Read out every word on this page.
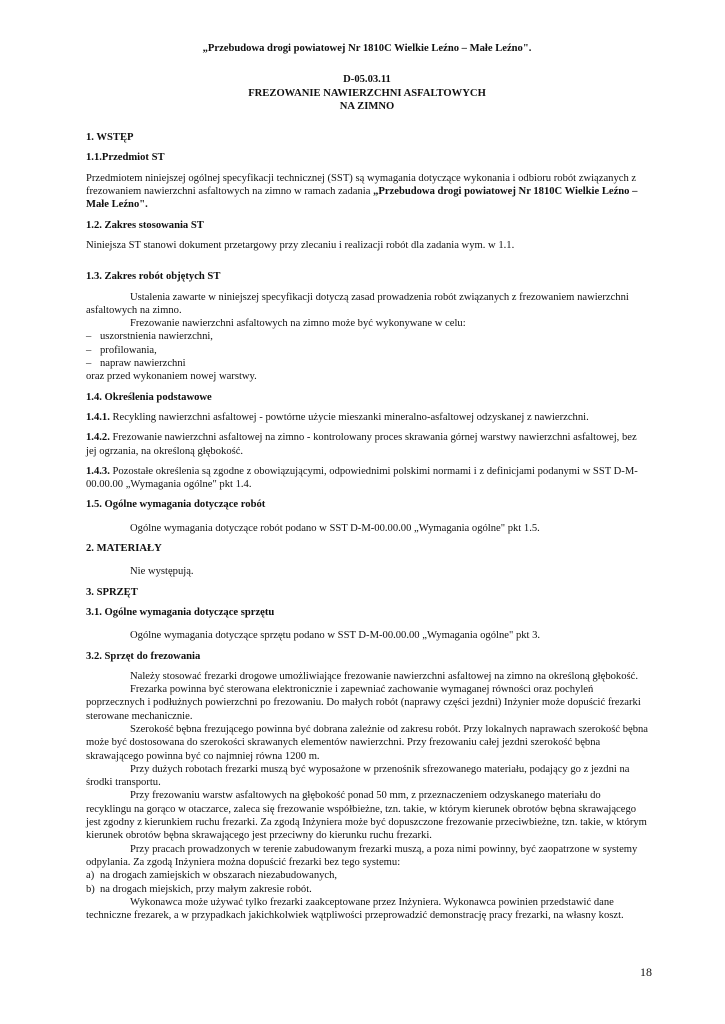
„Przebudowa drogi powiatowej Nr 1810C Wielkie Leźno – Małe Leźno".

D-05.03.11

FREZOWANIE NAWIERZCHNI ASFALTOWYCH

NA ZIMNO

1. WSTĘP

1.1.Przedmiot ST

Przedmiotem niniejszej ogólnej specyfikacji technicznej (SST) są wymagania dotyczące wykonania i odbioru robót związanych z frezowaniem nawierzchni asfaltowych na zimno w ramach zadania „Przebudowa drogi powiatowej Nr 1810C Wielkie Leźno – Małe Leźno".

1.2. Zakres stosowania ST

Niniejsza ST stanowi dokument przetargowy przy zlecaniu i realizacji robót dla zadania wym. w 1.1.

1.3. Zakres robót objętych ST

Ustalenia zawarte w niniejszej specyfikacji dotyczą zasad prowadzenia robót związanych z frezowaniem nawierzchni asfaltowych na zimno.

Frezowanie nawierzchni asfaltowych na zimno może być wykonywane w celu:

– uszorstnienia nawierzchni,
– profilowania,
– napraw nawierzchni

oraz przed wykonaniem nowej warstwy.

1.4. Określenia podstawowe

1.4.1. Recykling nawierzchni asfaltowej - powtórne użycie mieszanki mineralno-asfaltowej odzyskanej z nawierzchni.

1.4.2. Frezowanie nawierzchni asfaltowej na zimno - kontrolowany proces skrawania górnej warstwy nawierzchni asfaltowej, bez jej ogrzania, na określoną głębokość.

1.4.3. Pozostałe określenia są zgodne z obowiązującymi, odpowiednimi polskimi normami i z definicjami podanymi w SST D-M-00.00.00 „Wymagania ogólne" pkt 1.4.

1.5. Ogólne wymagania dotyczące robót

Ogólne wymagania dotyczące robót podano w SST D-M-00.00.00 „Wymagania ogólne" pkt 1.5.

2. MATERIAŁY

Nie występują.

3. SPRZĘT

3.1. Ogólne wymagania dotyczące sprzętu

Ogólne wymagania dotyczące sprzętu podano w SST D-M-00.00.00 „Wymagania ogólne" pkt 3.

3.2. Sprzęt do frezowania

Należy stosować frezarki drogowe umożliwiające frezowanie nawierzchni asfaltowej na zimno na określoną głębokość.

Frezarka powinna być sterowana elektronicznie i zapewniać zachowanie wymaganej równości oraz pochyleń poprzecznych i podłużnych powierzchni po frezowaniu. Do małych robót (naprawy części jezdni) Inżynier może dopuścić frezarki sterowane mechanicznie.

Szerokość bębna frezującego powinna być dobrana zależnie od zakresu robót. Przy lokalnych naprawach szerokość bębna może być dostosowana do szerokości skrawanych elementów nawierzchni. Przy frezowaniu całej jezdni szerokość bębna skrawającego powinna być co najmniej równa 1200 m.

Przy dużych robotach frezarki muszą być wyposażone w przenośnik sfrezowanego materiału, podający go z jezdni na środki transportu.

Przy frezowaniu warstw asfaltowych na głębokość ponad 50 mm, z przeznaczeniem odzyskanego materiału do recyklingu na gorąco w otaczarce, zaleca się frezowanie współbieżne, tzn. takie, w którym kierunek obrotów bębna skrawającego jest zgodny z kierunkiem ruchu frezarki. Za zgodą Inżyniera może być dopuszczone frezowanie przeciwbieżne, tzn. takie, w którym kierunek obrotów bębna skrawającego jest przeciwny do kierunku ruchu frezarki.

Przy pracach prowadzonych w terenie zabudowanym frezarki muszą, a poza nimi powinny, być zaopatrzone w systemy odpylania. Za zgodą Inżyniera można dopuścić frezarki bez tego systemu:

a) na drogach zamiejskich w obszarach niezabudowanych,
b) na drogach miejskich, przy małym zakresie robót.

Wykonawca może używać tylko frezarki zaakceptowane przez Inżyniera. Wykonawca powinien przedstawić dane techniczne frezarek, a w przypadkach jakichkolwiek wątpliwości przeprowadzić demonstrację pracy frezarki, na własny koszt.

18
